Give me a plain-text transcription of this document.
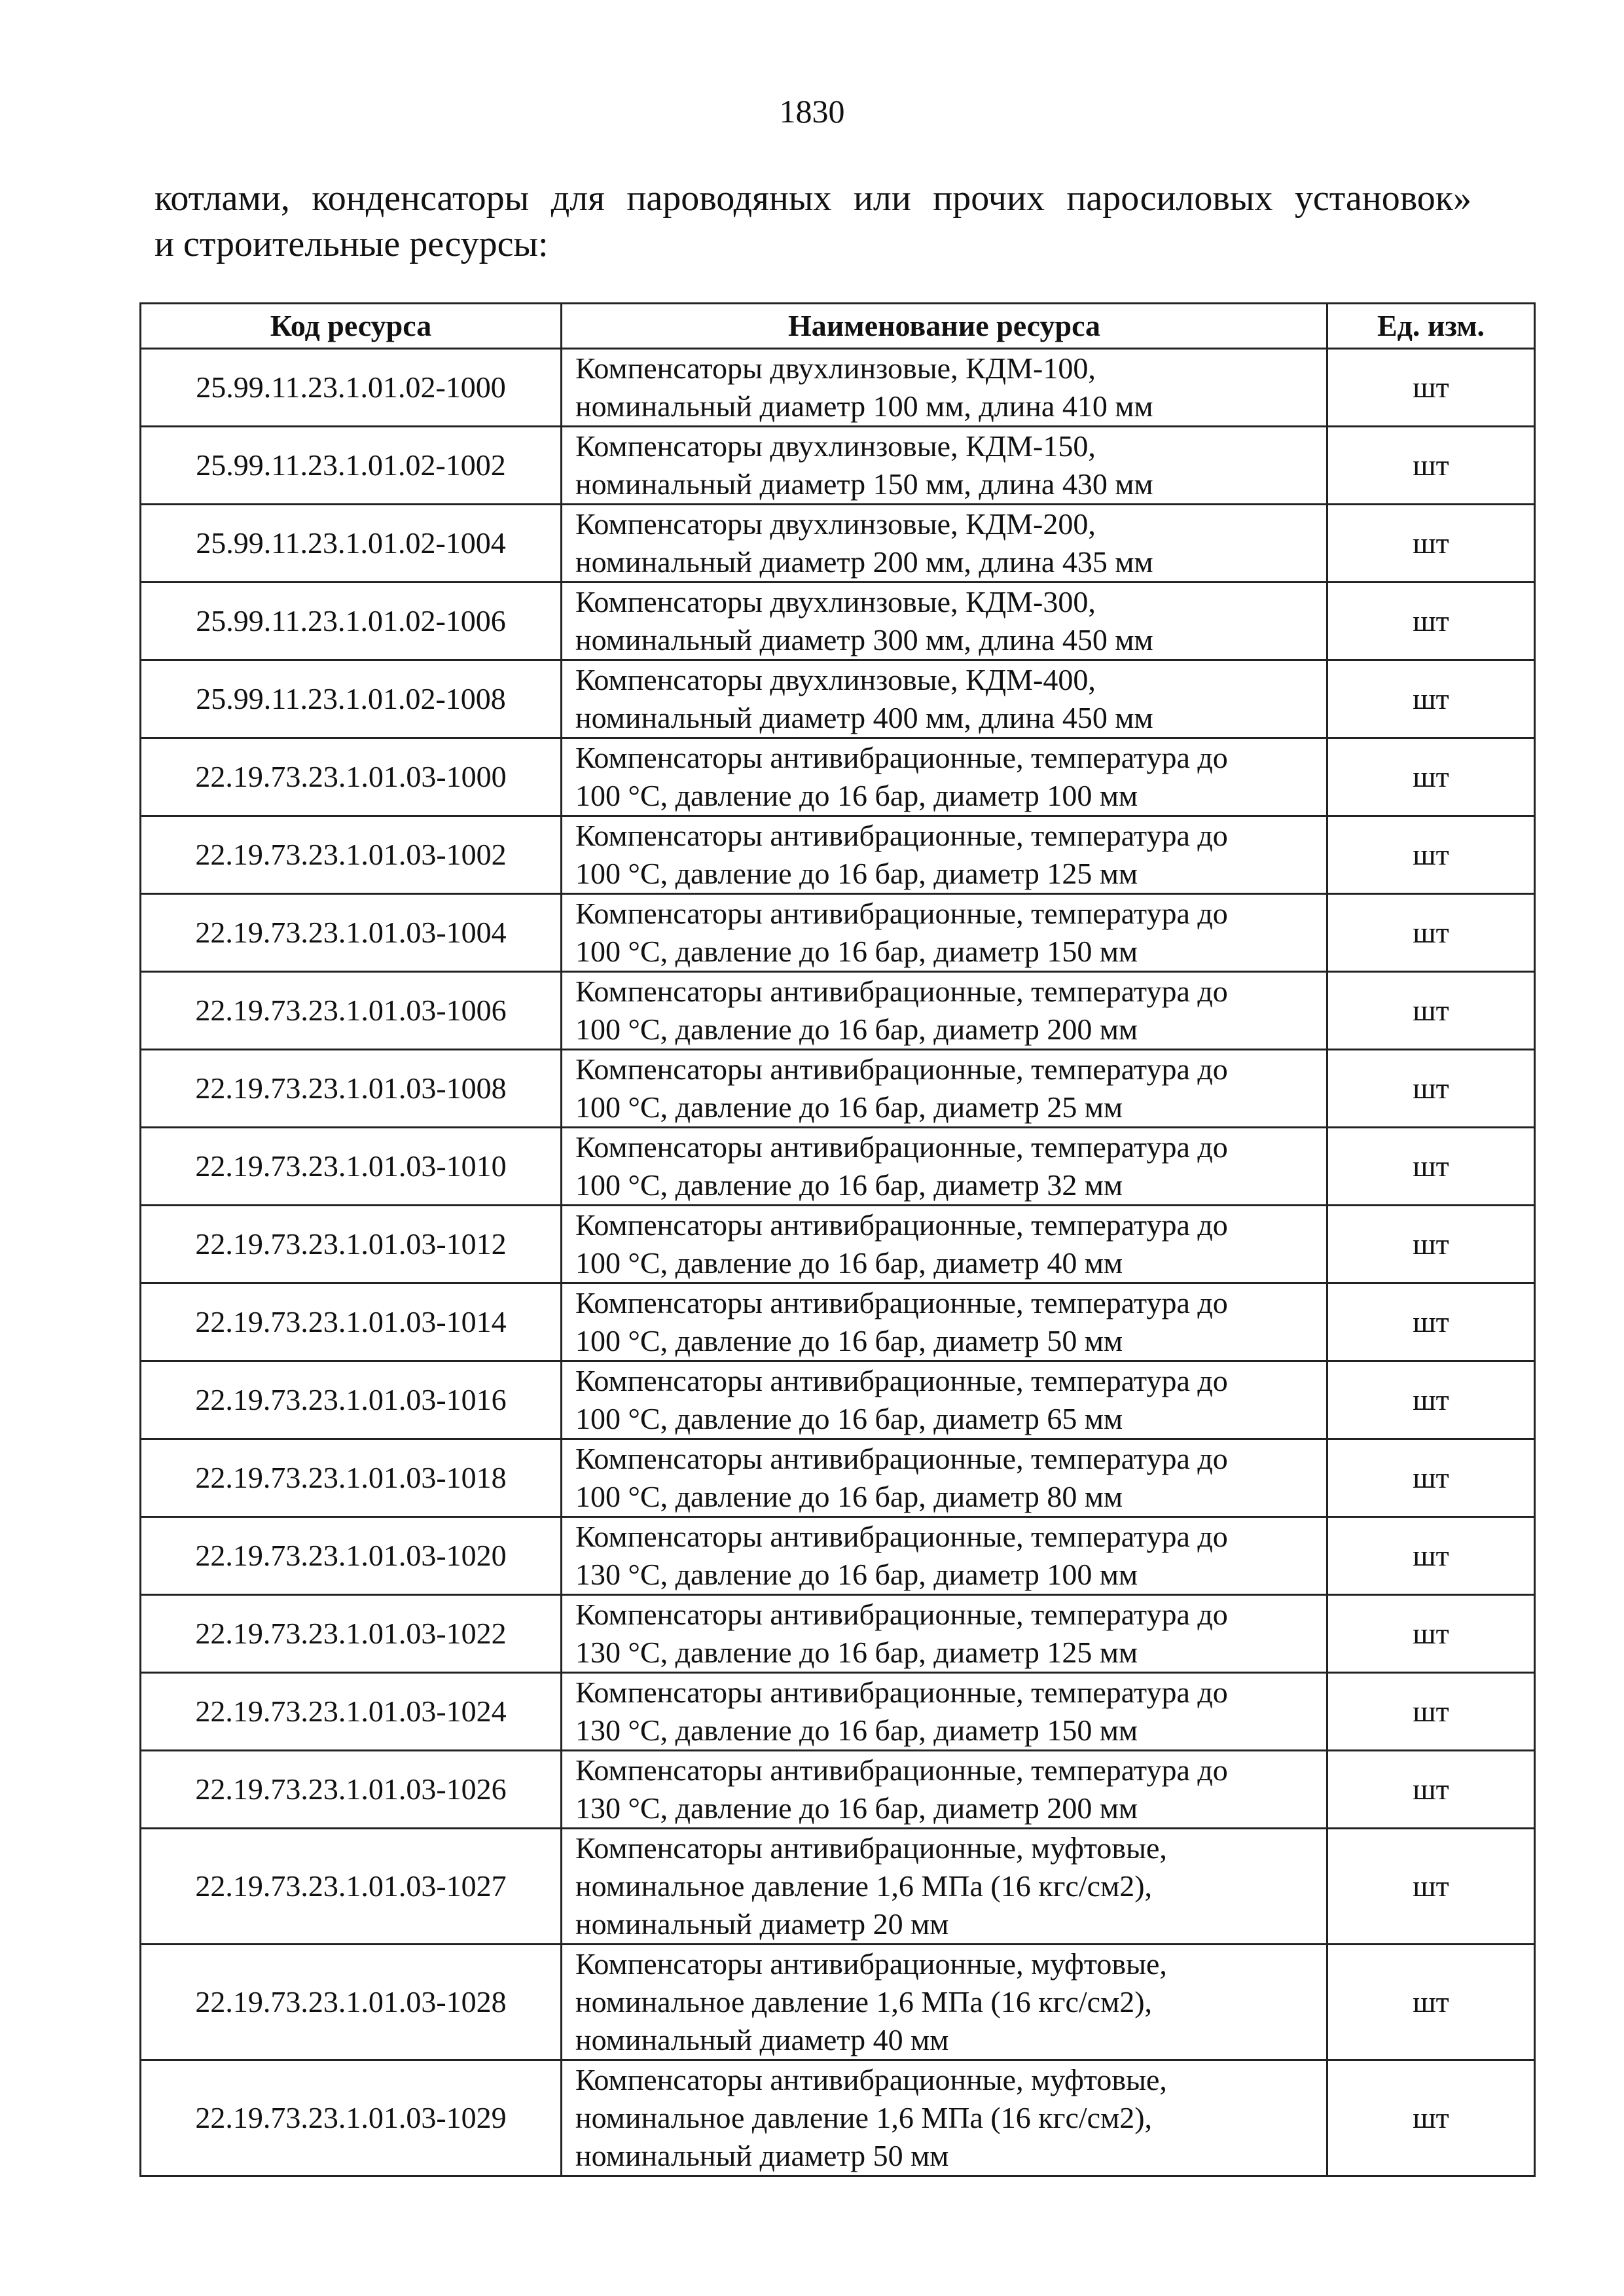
1830
котлами, конденсаторы для пароводяных или прочих паросиловых установок»
и строительные ресурсы:
Код ресурса	Наименование ресурса	Ед. изм.
25.99.11.23.1.01.02-1000	Компенсаторы двухлинзовые, КДМ-100,
номинальный диаметр 100 мм, длина 410 мм	шт
25.99.11.23.1.01.02-1002	Компенсаторы двухлинзовые, КДМ-150,
номинальный диаметр 150 мм, длина 430 мм	шт
25.99.11.23.1.01.02-1004	Компенсаторы двухлинзовые, КДМ-200,
номинальный диаметр 200 мм, длина 435 мм	шт
25.99.11.23.1.01.02-1006	Компенсаторы двухлинзовые, КДМ-300,
номинальный диаметр 300 мм, длина 450 мм	шт
25.99.11.23.1.01.02-1008	Компенсаторы двухлинзовые, КДМ-400,
номинальный диаметр 400 мм, длина 450 мм	шт
22.19.73.23.1.01.03-1000	Компенсаторы антивибрационные, температура до
100 °С, давление до 16 бар, диаметр 100 мм	шт
22.19.73.23.1.01.03-1002	Компенсаторы антивибрационные, температура до
100 °С, давление до 16 бар, диаметр 125 мм	шт
22.19.73.23.1.01.03-1004	Компенсаторы антивибрационные, температура до
100 °С, давление до 16 бар, диаметр 150 мм	шт
22.19.73.23.1.01.03-1006	Компенсаторы антивибрационные, температура до
100 °С, давление до 16 бар, диаметр 200 мм	шт
22.19.73.23.1.01.03-1008	Компенсаторы антивибрационные, температура до
100 °С, давление до 16 бар, диаметр 25 мм	шт
22.19.73.23.1.01.03-1010	Компенсаторы антивибрационные, температура до
100 °С, давление до 16 бар, диаметр 32 мм	шт
22.19.73.23.1.01.03-1012	Компенсаторы антивибрационные, температура до
100 °С, давление до 16 бар, диаметр 40 мм	шт
22.19.73.23.1.01.03-1014	Компенсаторы антивибрационные, температура до
100 °С, давление до 16 бар, диаметр 50 мм	шт
22.19.73.23.1.01.03-1016	Компенсаторы антивибрационные, температура до
100 °С, давление до 16 бар, диаметр 65 мм	шт
22.19.73.23.1.01.03-1018	Компенсаторы антивибрационные, температура до
100 °С, давление до 16 бар, диаметр 80 мм	шт
22.19.73.23.1.01.03-1020	Компенсаторы антивибрационные, температура до
130 °С, давление до 16 бар, диаметр 100 мм	шт
22.19.73.23.1.01.03-1022	Компенсаторы антивибрационные, температура до
130 °С, давление до 16 бар, диаметр 125 мм	шт
22.19.73.23.1.01.03-1024	Компенсаторы антивибрационные, температура до
130 °С, давление до 16 бар, диаметр 150 мм	шт
22.19.73.23.1.01.03-1026	Компенсаторы антивибрационные, температура до
130 °С, давление до 16 бар, диаметр 200 мм	шт
22.19.73.23.1.01.03-1027	Компенсаторы антивибрационные, муфтовые,
номинальное давление 1,6 МПа (16 кгс/см2),
номинальный диаметр 20 мм	шт
22.19.73.23.1.01.03-1028	Компенсаторы антивибрационные, муфтовые,
номинальное давление 1,6 МПа (16 кгс/см2),
номинальный диаметр 40 мм	шт
22.19.73.23.1.01.03-1029	Компенсаторы антивибрационные, муфтовые,
номинальное давление 1,6 МПа (16 кгс/см2),
номинальный диаметр 50 мм	шт
